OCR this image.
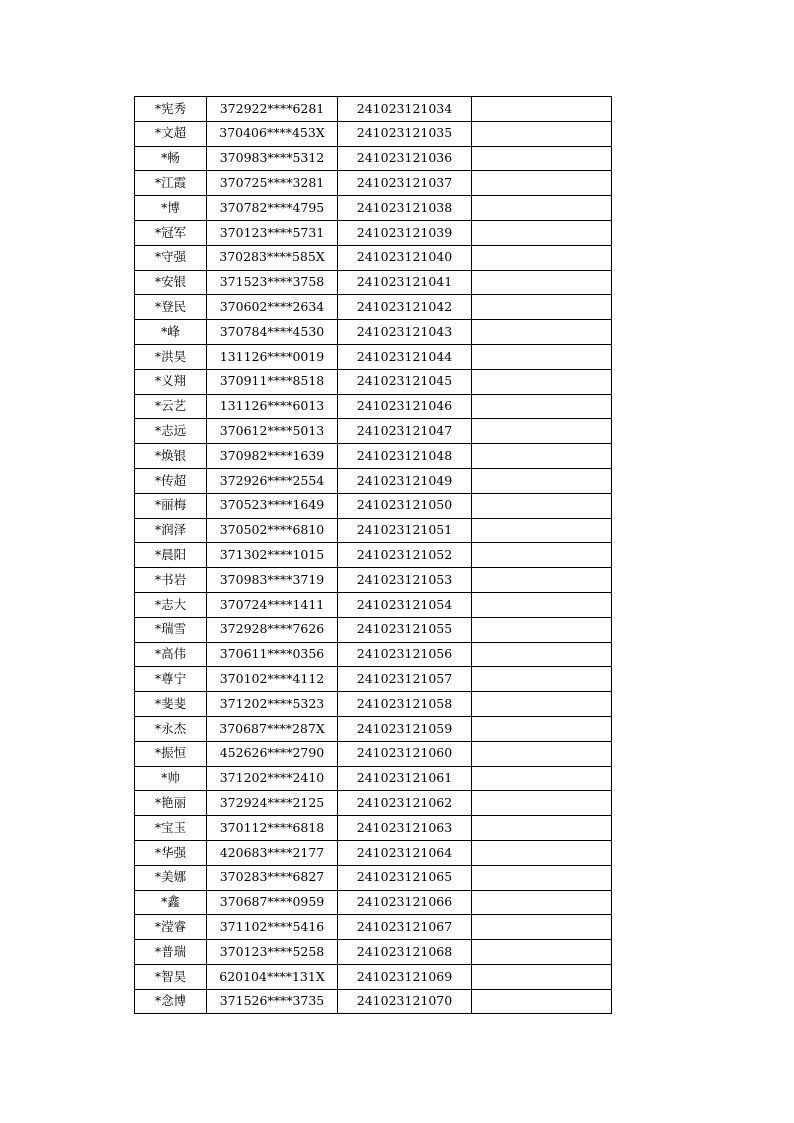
*宪秀	372922****6281	241023121034	
*文超	370406****453X	241023121035	
*畅	370983****5312	241023121036	
*江霞	370725****3281	241023121037	
*博	370782****4795	241023121038	
*冠军	370123****5731	241023121039	
*守强	370283****585X	241023121040	
*安银	371523****3758	241023121041	
*登民	370602****2634	241023121042	
*峰	370784****4530	241023121043	
*洪昊	131126****0019	241023121044	
*义翔	370911****8518	241023121045	
*云艺	131126****6013	241023121046	
*志远	370612****5013	241023121047	
*焕银	370982****1639	241023121048	
*传超	372926****2554	241023121049	
*丽梅	370523****1649	241023121050	
*润泽	370502****6810	241023121051	
*晨阳	371302****1015	241023121052	
*书岩	370983****3719	241023121053	
*志大	370724****1411	241023121054	
*瑞雪	372928****7626	241023121055	
*高伟	370611****0356	241023121056	
*尊宁	370102****4112	241023121057	
*斐斐	371202****5323	241023121058	
*永杰	370687****287X	241023121059	
*振恒	452626****2790	241023121060	
*帅	371202****2410	241023121061	
*艳丽	372924****2125	241023121062	
*宝玉	370112****6818	241023121063	
*华强	420683****2177	241023121064	
*美娜	370283****6827	241023121065	
*鑫	370687****0959	241023121066	
*滢睿	371102****5416	241023121067	
*普瑞	370123****5258	241023121068	
*智昊	620104****131X	241023121069	
*念博	371526****3735	241023121070	
